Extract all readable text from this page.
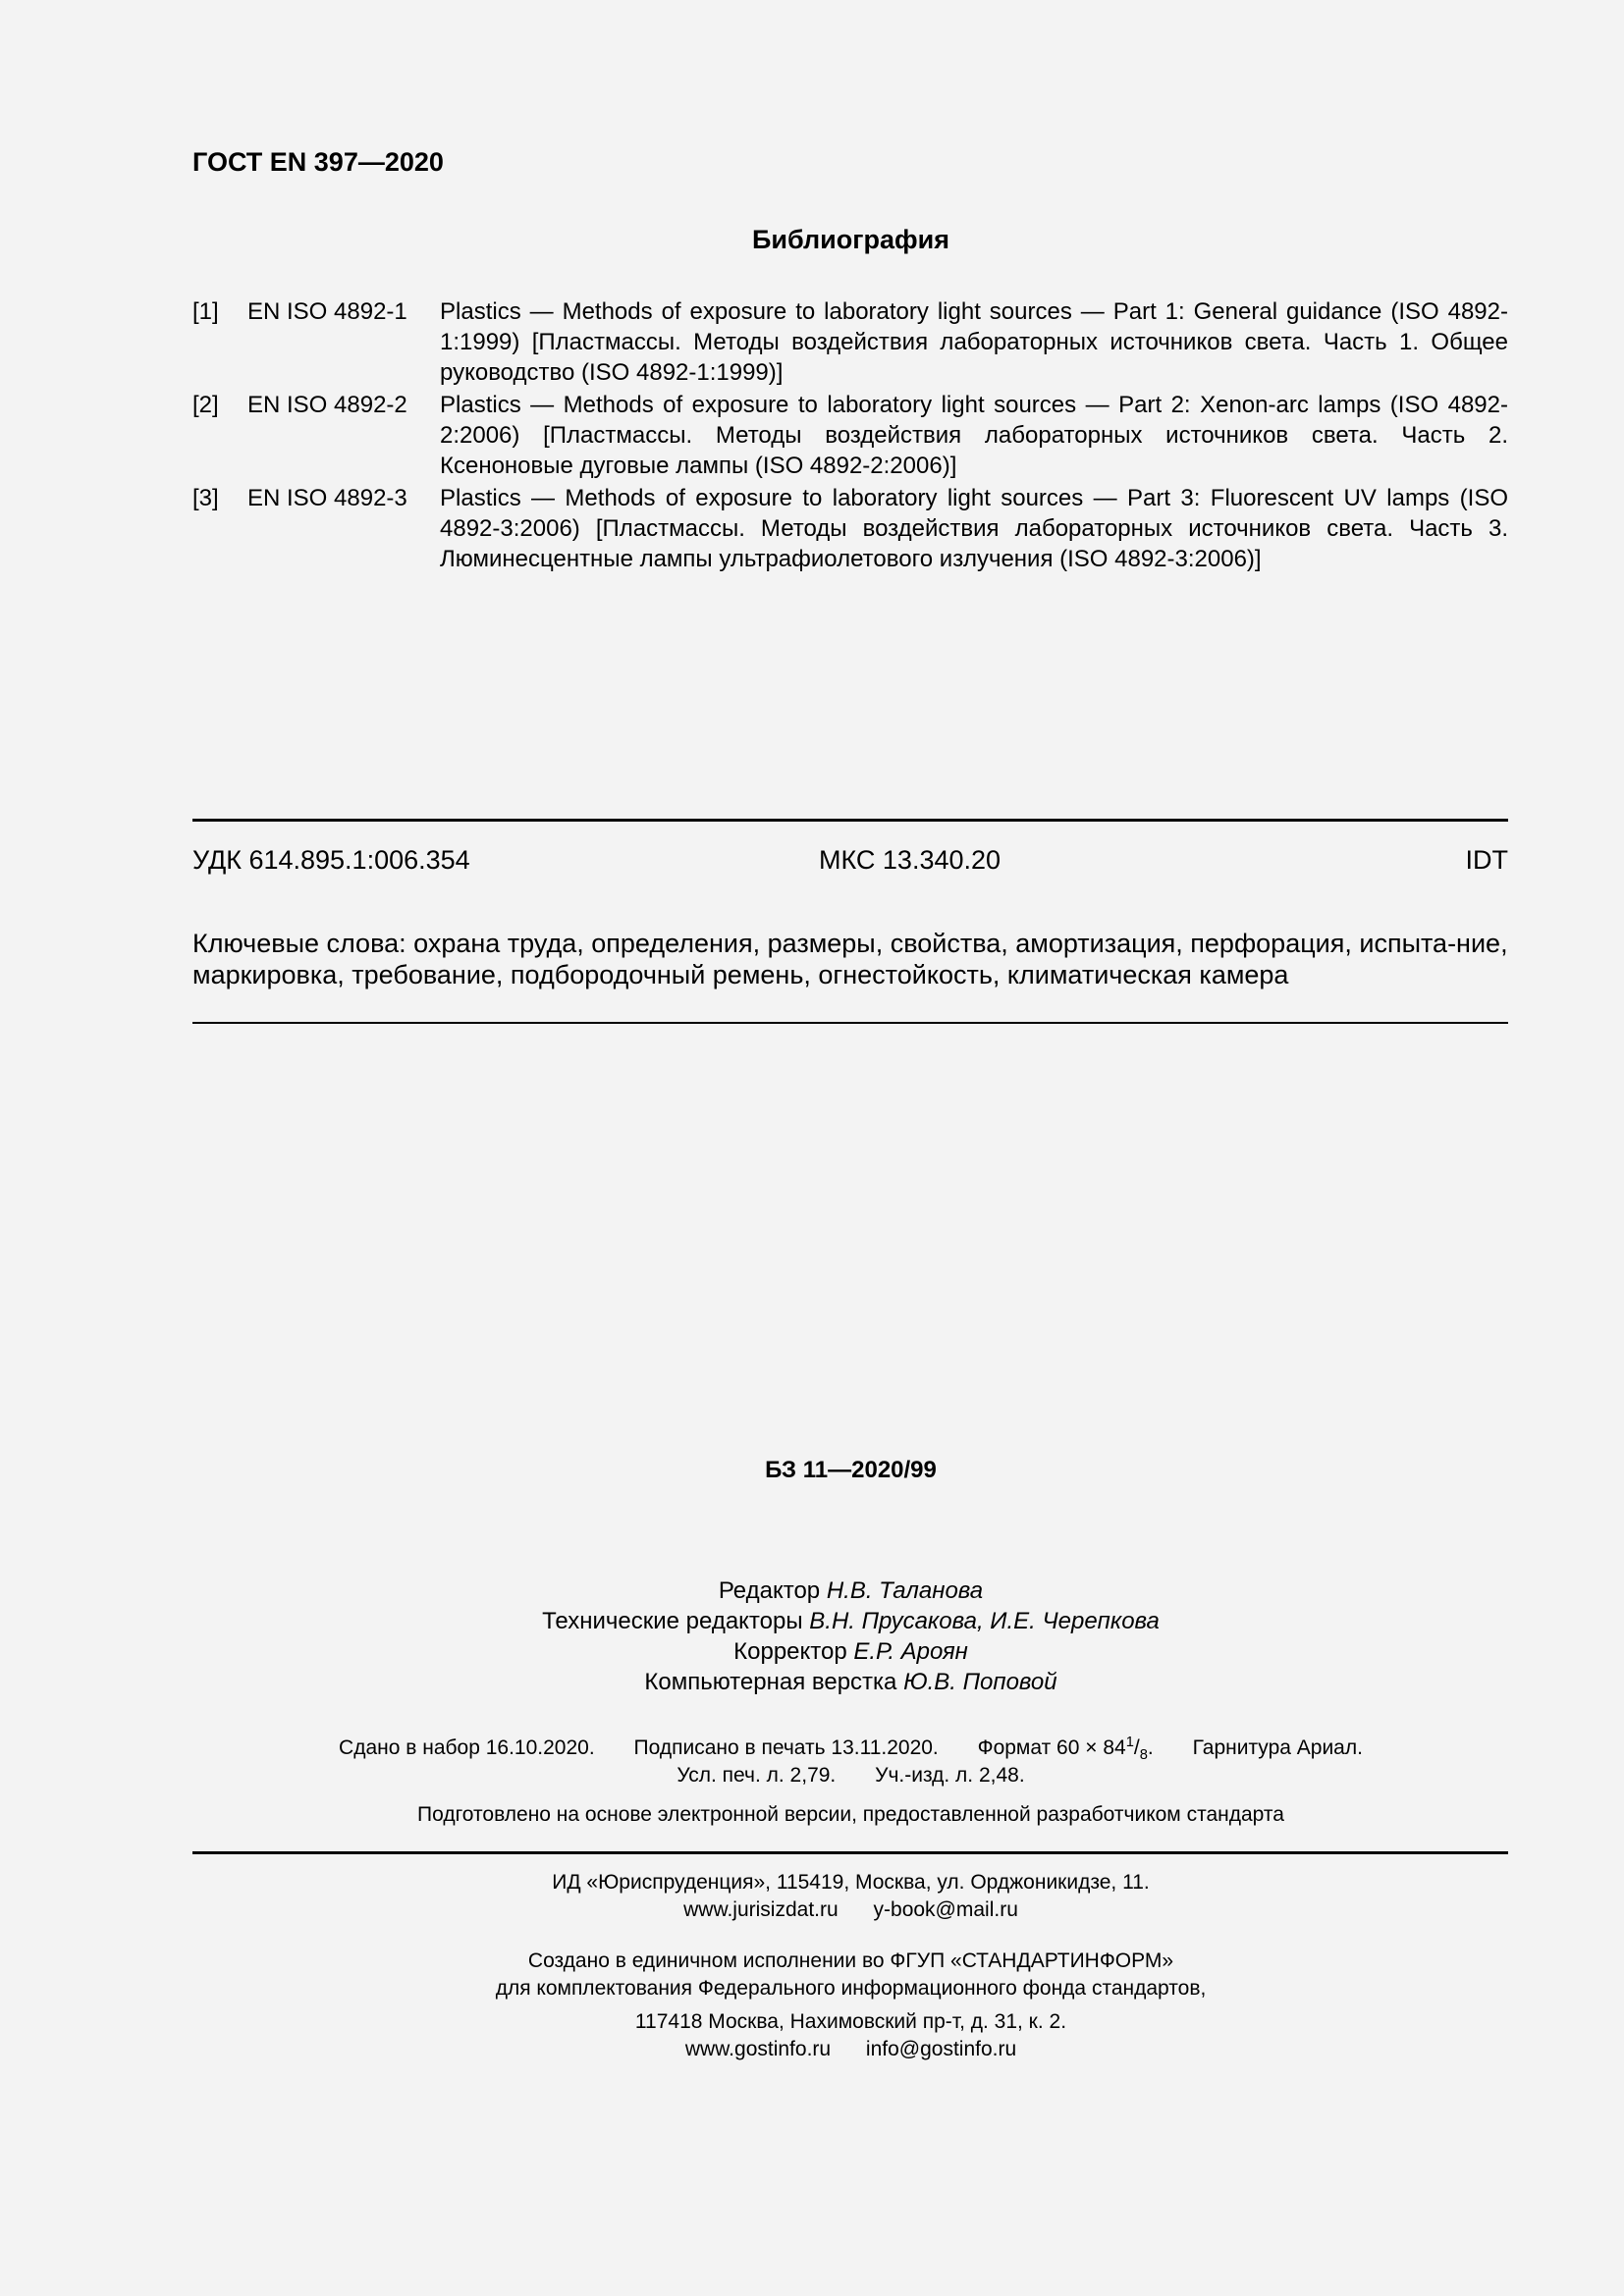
ГОСТ EN 397—2020
Библиография
[1] EN ISO 4892-1 Plastics — Methods of exposure to laboratory light sources — Part 1: General guidance (ISO 4892-1:1999) [Пластмассы. Методы воздействия лабораторных источников света. Часть 1. Общее руководство (ISO 4892-1:1999)]
[2] EN ISO 4892-2 Plastics — Methods of exposure to laboratory light sources — Part 2: Xenon-arc lamps (ISO 4892-2:2006) [Пластмассы. Методы воздействия лабораторных источников света. Часть 2. Ксеноновые дуговые лампы (ISO 4892-2:2006)]
[3] EN ISO 4892-3 Plastics — Methods of exposure to laboratory light sources — Part 3: Fluorescent UV lamps (ISO 4892-3:2006) [Пластмассы. Методы воздействия лабораторных источников света. Часть 3. Люминесцентные лампы ультрафиолетового излучения (ISO 4892-3:2006)]
УДК 614.895.1:006.354	МКС 13.340.20	IDT
Ключевые слова: охрана труда, определения, размеры, свойства, амортизация, перфорация, испыта-ние, маркировка, требование, подбородочный ремень, огнестойкость, климатическая камера
БЗ 11—2020/99
Редактор Н.В. Таланова
Технические редакторы В.Н. Прусакова, И.Е. Черепкова
Корректор Е.Р. Ароян
Компьютерная верстка Ю.В. Поповой
Сдано в набор 16.10.2020. Подписано в печать 13.11.2020. Формат $60 \times 84^1/_8$. Гарнитура Ариал.
Усл. печ. л. 2,79. Уч.-изд. л. 2,48.
Подготовлено на основе электронной версии, предоставленной разработчиком стандарта
ИД «Юриспруденция», 115419, Москва, ул. Орджоникидзе, 11.
www.jurisizdat.ru y-book@mail.ru
Создано в единичном исполнении во ФГУП «СТАНДАРТИНФОРМ»
для комплектования Федерального информационного фонда стандартов,
117418 Москва, Нахимовский пр-т, д. 31, к. 2.
www.gostinfo.ru info@gostinfo.ru
